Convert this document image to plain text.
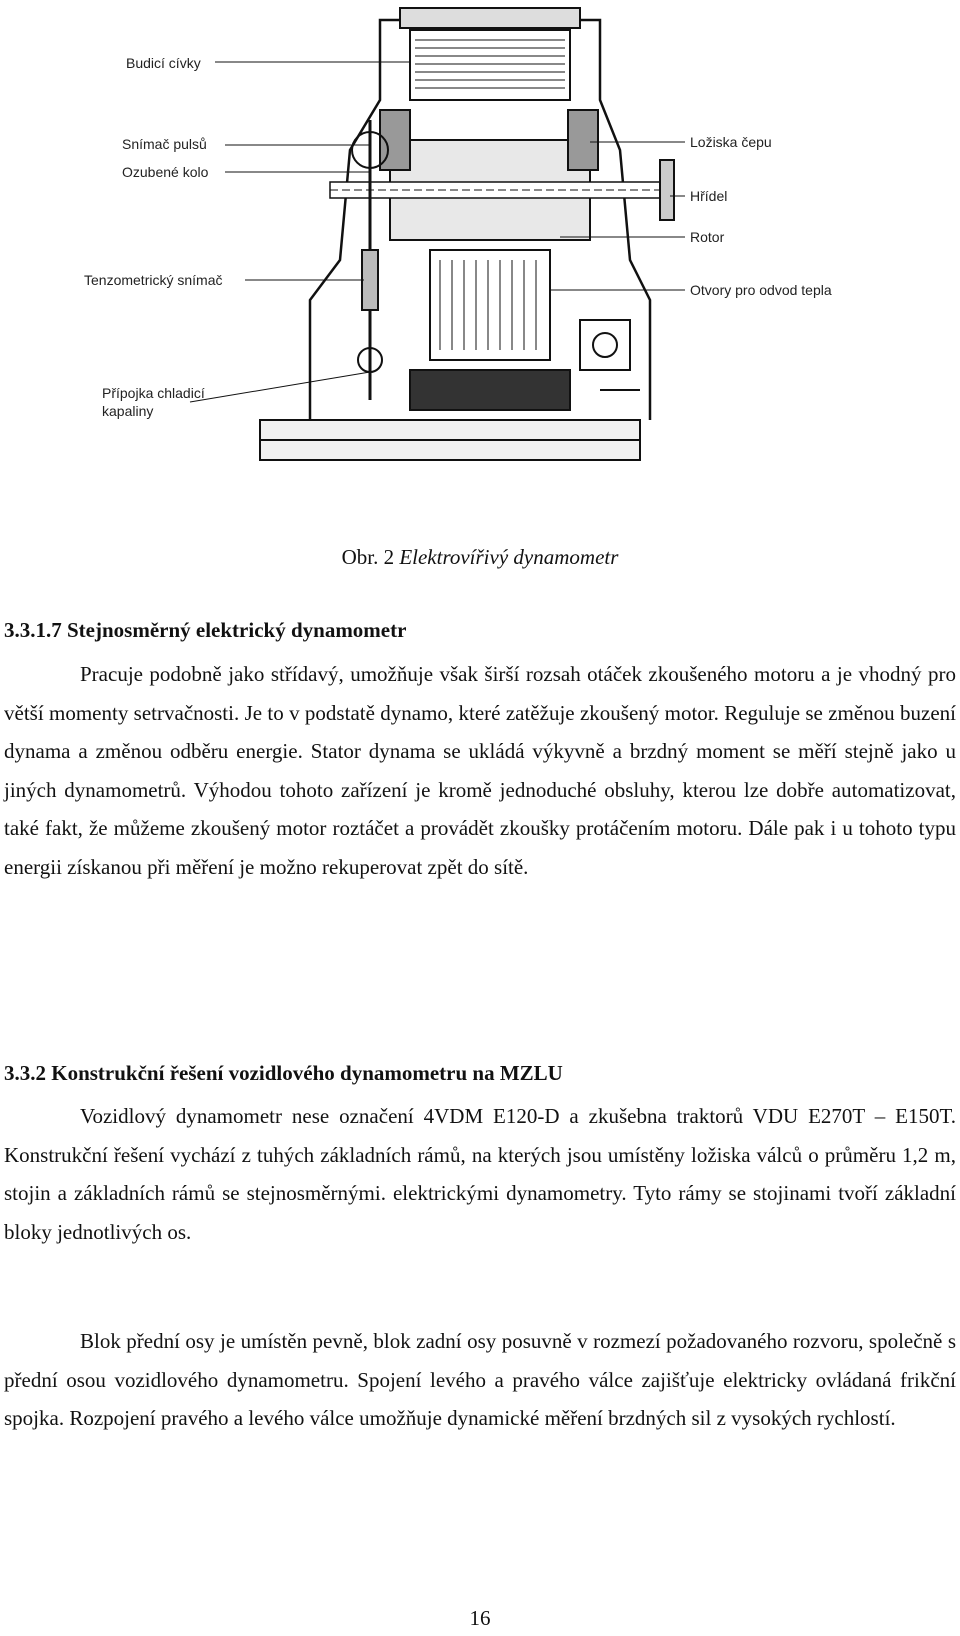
Budicí cívky
Snímač pulsů
Ozubené kolo
Tenzometrický snímač
Přípojka chladicí
kapaliny
Ložiska čepu
Hřídel
Rotor
Otvory pro odvod tepla
Obr. 2 Elektrovířivý dynamometr
3.3.1.7 Stejnosměrný elektrický dynamometr

Pracuje podobně jako střídavý, umožňuje však širší rozsah otáček zkoušeného motoru a je vhodný pro větší momenty setrvačnosti. Je to v podstatě dynamo, které zatěžuje zkoušený motor. Reguluje se změnou buzení dynama a změnou odběru energie. Stator dynama se ukládá výkyvně a brzdný moment se měří stejně jako u jiných dynamometrů. Výhodou tohoto zařízení je kromě jednoduché obsluhy, kterou lze dobře automatizovat, také fakt, že můžeme zkoušený motor roztáčet a provádět zkoušky protáčením motoru. Dále pak i u tohoto typu energii získanou při měření je možno rekuperovat zpět do sítě.

3.3.2 Konstrukční řešení vozidlového dynamometru na MZLU

Vozidlový dynamometr nese označení 4VDM E120-D a zkušebna traktorů VDU E270T – E150T. Konstrukční řešení vychází z tuhých základních rámů, na kterých jsou umístěny ložiska válců o průměru 1,2 m, stojin a základních rámů se stejnosměrnými. elektrickými dynamometry. Tyto rámy se stojinami tvoří základní bloky jednotlivých os.

Blok přední osy je umístěn pevně, blok zadní osy posuvně v rozmezí požadovaného rozvoru, společně s přední osou vozidlového dynamometru. Spojení levého a pravého válce zajišťuje elektricky ovládaná frikční spojka. Rozpojení pravého a levého válce umožňuje dynamické měření brzdných sil z vysokých rychlostí.

16
